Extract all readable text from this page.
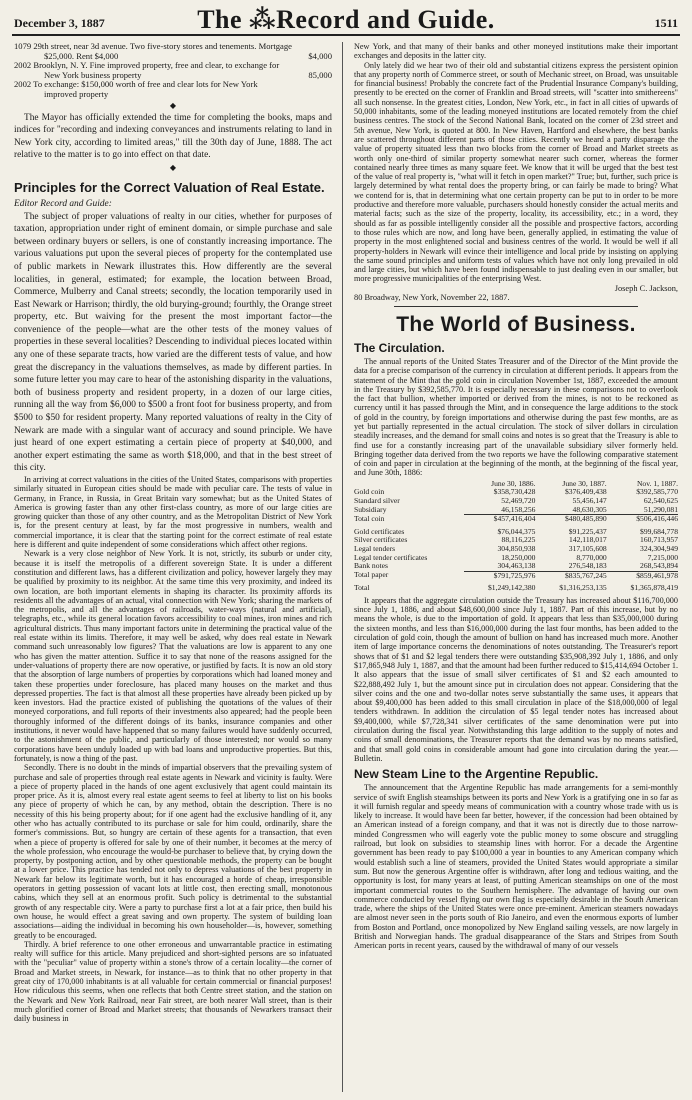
December 3, 1887	The ⁂Record and Guide.	1511
1079 29th street, near 3d avenue. Two five-story stores and tenements. Mortgage $25,000. Rent $4,000	$4,000
2002 Brooklyn, N. Y. Fine improved property, free and clear, to exchange for New York business property	85,000
2002 To exchange: $150,000 worth of free and clear lots for New York improved property
◆

The Mayor has officially extended the time for completing the books, maps and indices for "recording and indexing conveyances and instruments relating to land in New York city, according to limited areas," till the 30th day of June, 1888. The act relative to the matter is to go into effect on that date.

◆
Principles for the Correct Valuation of Real Estate.
Editor Record and Guide:

The subject of proper valuations of realty in our cities, whether for purposes of taxation, appropriation under right of eminent domain, or simple purchase and sale between ordinary buyers or sellers, is one of constantly increasing importance. The various valuations put upon the several pieces of property for the contemplated use of public markets in Newark illustrates this. How differently are the several localities, in general, estimated; for example, the location between Broad, Commerce, Mulberry and Canal streets; secondly, the location temporarily used in East Newark or Harrison; thirdly, the old burying-ground; fourthly, the Orange street property, etc. But waiving for the present the most important factor—the convenience of the people—what are the other tests of the money values of properties in these several localities? Descending to individual pieces located within any one of these separate tracts, how varied are the different tests of value, and how great the discrepancy in the valuations themselves, as made by different parties. In some future letter you may care to hear of the astonishing disparity in the valuations, both of business property and resident property, in a dozen of our large cities, running all the way from $6,000 to $500 a front foot for business property, and from $500 to $50 for resident property. Many reported valuations of realty in the City of Newark are made with a singular want of accuracy and sound principle. We have just heard of one expert estimating a certain piece of property at $40,000, and another expert estimating the same as worth $18,000, and that in the best street of this city.

In arriving at correct valuations in the cities of the United States, comparisons with properties similarly situated in European cities should be made with peculiar care. The tests of value in Germany, in France, in Russia, in Great Britain vary somewhat; but as the United States of America is growing faster than any other first-class country, as more of our large cities are growing quicker than those of any other country, and as the Metropolitan District of New York is, for the present century at least, by far the most progressive in numbers, wealth and commercial importance, it is clear that the starting point for the correct estimate of real estate here is different and quite independent of some considerations which affect other regions.

Newark is a very close neighbor of New York. It is not, strictly, its suburb or under city, because it is itself the metropolis of a different sovereign State. It is under a different constitution and different laws, has a different civilization and policy, however largely they may be qualified by proximity to its neighbor. At the same time this very proximity, and indeed its own location, are both important elements in shaping its character. Its proximity affords its residents all the advantages of an actual, vital connection with New York; sharing the markets of the metropolis, and all the advantages of railroads, water-ways (natural and artificial), telegraphs, etc., while its general location favors accessibility to coal mines, iron mines and rich agricultural districts. Thus many important factors unite in determining the practical value of the real estate within its limits. Therefore, it may well be asked, why does real estate in Newark command such unreasonably low figures? That the valuations are low is apparent to any one who has given the matter attention. Suffice it to say that none of the reasons assigned for the under-valuations of property there are now operative, or justified by facts. It is now an old story that the absorption of large numbers of properties by corporations which had loaned money and taken these properties under foreclosure, has placed many houses on the market and thus depressed properties. The fact is that almost all these properties have already been picked up by keen investors. Had the practice existed of publishing the quotations of the values of their moneyed corporations, and full reports of their investments also appeared; had the people been thoroughly informed of the different doings of its banks, insurance companies and other institutions, it never would have happened that so many failures would have suddenly occurred, to the astonishment of the public, and particularly of those interested; nor would so many corporations have been unduly loaded up with bad loans and unproductive properties. But this, fortunately, is now a thing of the past.

Secondly. There is no doubt in the minds of impartial observers that the prevailing system of purchase and sale of properties through real estate agents in Newark and vicinity is faulty. Were a piece of property placed in the hands of one agent exclusively that agent could maintain its proper price. As it is, almost every real estate agent seems to feel at liberty to list on his books any piece of property of which he can, by any method, obtain the description. There is no necessity of this his being property about; for if one agent had the exclusive handling of it, any other who has actually contributed to its purchase or sale for him could, ordinarily, share the former's commissions. But, so hungry are certain of these agents for a transaction, that even when a piece of property is offered for sale by one of their number, it becomes at the mercy of the whole profession, who encourage the would-be purchaser to believe that, by crying down the property, by postponing action, and by other questionable methods, the property can be bought at a lower price. This practice has tended not only to depress valuations of the best property in Newark far below its legitimate worth, but it has encouraged a horde of cheap, irresponsible operators in getting possession of vacant lots at little cost, then erecting small, monotonous cabins, which they sell at an enormous profit. Such policy is detrimental to the substantial growth of any respectable city. Were a party to purchase first a lot at a fair price, then build his own house, he would effect a great saving and own property. The system of building loan associations—aiding the individual in becoming his own householder—is, however, something greatly to be encouraged.

Thirdly. A brief reference to one other erroneous and unwarrantable practice in estimating realty will suffice for this article. Many prejudiced and short-sighted persons are so infatuated with the "peculiar" value of property within a stone's throw of a certain locality—the corner of Broad and Market streets, in Newark, for instance—as to think that no other property in that great city of 170,000 inhabitants is at all valuable for certain commercial or financial purposes! How ridiculous this seems, when one reflects that both Centre street station, and the station on the Newark and New York Railroad, near Fair street, are both nearer Wall street, than is their much glorified corner of Broad and Market streets; that thousands of Newarkers transact their daily business in

New York, and that many of their banks and other moneyed institutions make their important exchanges and deposits in the latter city.

Only lately did we hear two of their old and substantial citizens express the persistent opinion that any property north of Commerce street, or south of Mechanic street, on Broad, was unsuitable for financial business! Probably the concrete fact of the Prudential Insurance Company's building, presently to be erected on the corner of Franklin and Broad streets, will "scatter into smithereens" all such nonsense. In the greatest cities, London, New York, etc., in fact in all cities of upwards of 50,000 inhabitants, some of the leading moneyed institutions are located remotely from the chief business centres. The stock of the Second National Bank, located on the corner of 23d street and 5th avenue, New York, is quoted at 800. In New Haven, Hartford and elsewhere, the best banks are scattered throughout different parts of those cities. Recently we heard a party disparage the value of property situated less than two blocks from the corner of Broad and Market streets as worth only one-third of similar property somewhat nearer such corner, whereas the former contained nearly three times as many square feet. We know that it will be urged that the best test of the value of real property is, "what will it fetch in open market?" True; but, further, such price is largely determined by what rental does the property bring, or can fairly be made to bring? What we contend for is, that in determining what one certain property can be put to in order to be more productive and therefore more valuable, purchasers should honestly consider the actual merits and material facts; such as the size of the property, locality, its accessibility, etc.; in a word, they should as far as possible intelligently consider all the possible and prospective factors, according to those rules which are now, and long have been, generally applied, in estimating the value of property in the most enlightened social and business centres of the world. It would be well if all property-holders in Newark will evince their intelligence and local pride by insisting on applying the same sound principles and uniform tests of values which have not only long prevailed in old and large cities, but which have been found indispensable to just dealing even in our smaller, but more progressive municipalities of the enterprising West.

Joseph C. Jackson,
80 Broadway, New York, November 22, 1887.
The World of Business.
The Circulation.

The annual reports of the United States Treasurer and of the Director of the Mint provide the data for a precise comparison of the currency in circulation at different periods. It appears from the statement of the Mint that the gold coin in circulation November 1st, 1887, exceeded the amount in the Treasury by $392,585,770. It is especially necessary in these comparisons not to overlook the fact that bullion, whether imported or derived from the mines, is not to be reckoned as currency until it has passed through the Mint, and in consequence the large additions to the stock of gold in the country, by foreign importations and otherwise during the past few months, are as yet but partially represented in the actual circulation. The stock of silver dollars in circulation steadily increases, and the demand for small coins and notes is so great that the Treasury is able to find use for a constantly increasing part of the unavailable subsidiary silver formerly held. Bringing together data derived from the two reports we have the following comparative statement of coin and paper in circulation at the beginning of the month, at the beginning of the fiscal year, and June 30th, 1886:

	June 30, 1886.	June 30, 1887.	Nov. 1, 1887.
Gold coin	$358,730,428	$376,409,438	$392,585,770
Standard silver	52,469,720	55,456,147	62,540,625
Subsidiary	46,158,256	48,630,305	51,290,081
Total coin	$457,416,404	$480,485,890	$506,416,446

Gold certificates	$76,044,375	$91,225,437	$99,684,778
Silver certificates	88,116,225	142,118,017	160,713,957
Legal tenders	304,850,938	317,105,608	324,304,949
Legal tender certificates	18,250,000	8,770,000	7,215,000
Bank notes	304,463,138	276,548,183	268,543,894
Total paper	$791,725,976	$835,767,245	$859,461,978

Total	$1,249,142,380	$1,316,253,135	$1,365,878,419

It appears that the aggregate circulation outside the Treasury has increased about $116,700,000 since July 1, 1886, and about $48,600,000 since July 1, 1887. Part of this increase, but by no means the whole, is due to the importation of gold. It appears that less than $35,000,000 during the sixteen months, and less than $16,000,000 during the last four months, has been added to the circulation of gold coin, though the amount of bullion on hand has increased much more. Another item of large importance concerns the denominations of notes outstanding. The Treasurer's report shows that of $1 and $2 legal tenders there were outstanding $35,908,392 July 1, 1886, and only $17,865,948 July 1, 1887, and that the amount had been further reduced to $15,414,694 October 1. It also appears that the issue of small silver certificates of $1 and $2 each amounted to $22,888,492 July 1, but the amount since put in circulation does not appear. Considering that the silver coins and the one and two-dollar notes serve substantially the same uses, it appears that about $9,400,000 has been added to this small circulation in place of the $18,000,000 of legal tenders withdrawn. In addition the circulation of $5 legal tender notes has increased about $9,400,000, while $7,728,341 silver certificates of the same denomination were put into circulation during the fiscal year. Notwithstanding this large addition to the supply of notes and coins of small denominations, the Treasurer reports that the demand was by no means satisfied, and that small gold coins in considerable amount had gone into circulation during the year.—Bulletin.

New Steam Line to the Argentine Republic.

The announcement that the Argentine Republic has made arrangements for a semi-monthly service of swift English steamships between its ports and New York is a gratifying one in so far as it will furnish regular and speedy means of communication with a country whose trade with us is likely to increase. It would have been far better, however, if the concession had been obtained by an American instead of a foreign company, and that it was not is directly due to those narrow-minded Congressmen who will eagerly vote the public money to some obscure and struggling railroad, but look on subsidies to steamship lines with horror. For a decade the Argentine government has been ready to pay $100,000 a year in bounties to any American company which would establish such a line of steamers, provided the United States would appropriate a similar sum. But now the generous Argentine offer is withdrawn, after long and tedious waiting, and the opportunity is lost, for many years at least, of putting American steamships on one of the most important commercial routes to the Southern hemisphere. The advantage of having our own commerce conducted by vessel flying our own flag is especially desirable in the South American trade, where the ships of the United States were once pre-eminent. American steamers nowadays are almost never seen in the ports south of Rio Janeiro, and even the enormous exports of lumber from Boston and Portland, once monopolized by New England sailing vessels, are now largely in British and Norwegian hands. The gradual disappearance of the Stars and Stripes from South American ports in recent years, caused by the withdrawal of many of our vessels
